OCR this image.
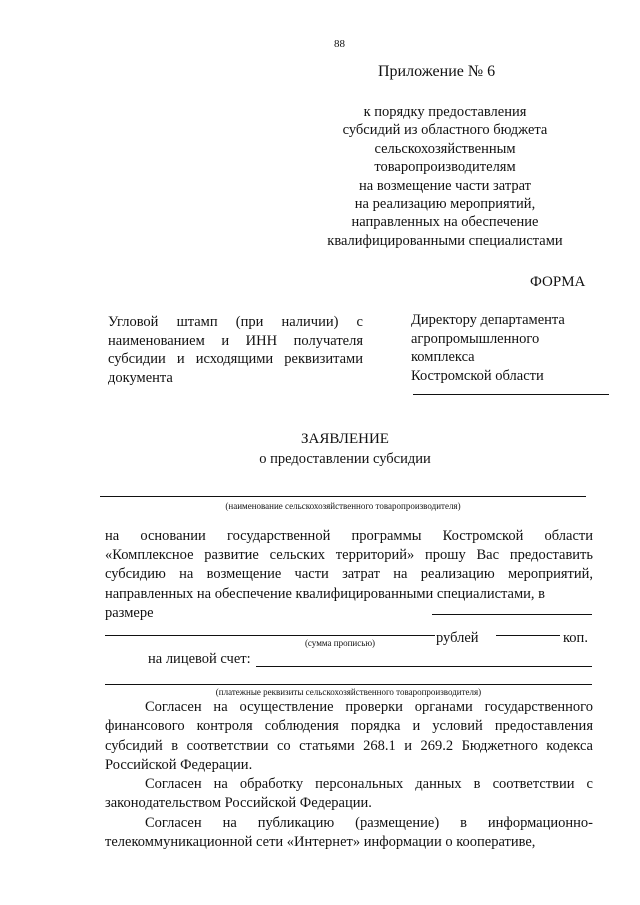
88
Приложение № 6
к порядку предоставления
субсидий из областного бюджета
сельскохозяйственным
товаропроизводителям
на возмещение части затрат
на реализацию мероприятий,
направленных на обеспечение
квалифицированными специалистами
ФОРМА
Угловой штамп (при наличии) с наименованием и ИНН получателя субсидии и исходящими реквизитами документа
Директору департамента
агропромышленного
комплекса
Костромской области
ЗАЯВЛЕНИЕ
о предоставлении субсидии
(наименование сельскохозяйственного товаропроизводителя)
на основании государственной программы Костромской области «Комплексное развитие сельских территорий» прошу Вас предоставить субсидию на возмещение части затрат на реализацию мероприятий, направленных на обеспечение квалифицированными специалистами, в
размере
рублей	коп.
(сумма прописью)
на лицевой счет:
(платежные реквизиты сельскохозяйственного товаропроизводителя)

Согласен на осуществление проверки органами государственного финансового контроля соблюдения порядка и условий предоставления субсидий в соответствии со статьями 268.1 и 269.2 Бюджетного кодекса Российской Федерации.

Согласен на обработку персональных данных в соответствии с законодательством Российской Федерации.

Согласен на публикацию (размещение) в информационно-телекоммуникационной сети «Интернет» информации о кооперативе,
